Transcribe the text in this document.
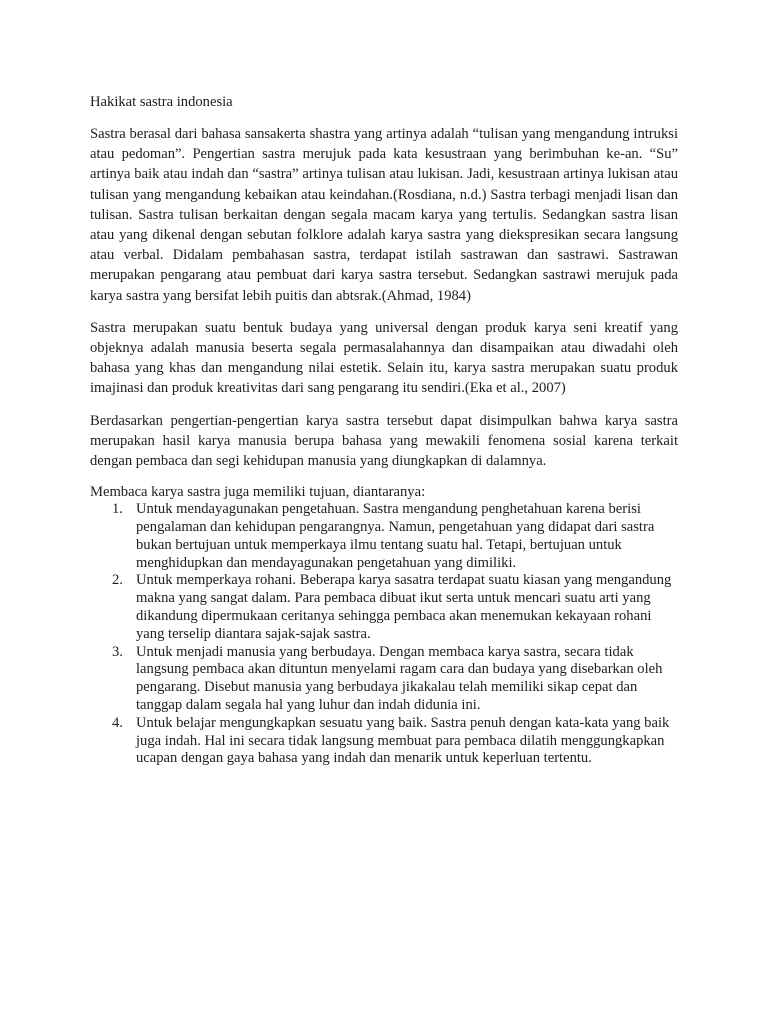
Hakikat sastra indonesia

Sastra berasal dari bahasa sansakerta shastra yang artinya adalah “tulisan yang mengandung intruksi atau pedoman”. Pengertian sastra merujuk pada kata kesustraan yang berimbuhan ke-an. “Su” artinya baik atau indah dan “sastra” artinya tulisan atau lukisan. Jadi, kesustraan artinya lukisan atau tulisan yang mengandung kebaikan atau keindahan.(Rosdiana, n.d.) Sastra terbagi menjadi lisan dan tulisan. Sastra tulisan berkaitan dengan segala macam karya yang tertulis. Sedangkan sastra lisan atau yang dikenal dengan sebutan folklore adalah karya sastra yang diekspresikan secara langsung atau verbal. Didalam pembahasan sastra, terdapat istilah sastrawan dan sastrawi. Sastrawan merupakan pengarang atau pembuat dari karya sastra tersebut. Sedangkan sastrawi merujuk pada karya sastra yang bersifat lebih puitis dan abtsrak.(Ahmad, 1984)

Sastra merupakan suatu bentuk budaya yang universal dengan produk karya seni kreatif yang objeknya adalah manusia beserta segala permasalahannya dan disampaikan atau diwadahi oleh bahasa yang khas dan mengandung nilai estetik. Selain itu, karya sastra merupakan suatu produk imajinasi dan produk kreativitas dari sang pengarang itu sendiri.(Eka et al., 2007)

Berdasarkan pengertian-pengertian karya sastra tersebut dapat disimpulkan bahwa karya sastra merupakan hasil karya manusia berupa bahasa yang mewakili fenomena sosial karena terkait dengan pembaca dan segi kehidupan manusia yang diungkapkan di dalamnya.

Membaca karya sastra juga memiliki tujuan, diantaranya:

1. Untuk mendayagunakan pengetahuan. Sastra mengandung penghetahuan karena berisi pengalaman dan kehidupan pengarangnya. Namun, pengetahuan yang didapat dari sastra bukan bertujuan untuk memperkaya ilmu tentang suatu hal. Tetapi, bertujuan untuk menghidupkan dan mendayagunakan pengetahuan yang dimiliki.
2. Untuk memperkaya rohani. Beberapa karya sasatra terdapat suatu kiasan yang mengandung makna yang sangat dalam. Para pembaca dibuat ikut serta untuk mencari suatu arti yang dikandung dipermukaan ceritanya sehingga pembaca akan menemukan kekayaan rohani yang terselip diantara sajak-sajak sastra.
3. Untuk menjadi manusia yang berbudaya. Dengan membaca karya sastra, secara tidak langsung pembaca akan dituntun menyelami ragam cara dan budaya yang disebarkan oleh pengarang. Disebut manusia yang berbudaya jikakalau telah memiliki sikap cepat dan tanggap dalam segala hal yang luhur dan indah didunia ini.
4. Untuk belajar mengungkapkan sesuatu yang baik. Sastra penuh dengan kata-kata yang baik juga indah. Hal ini secara tidak langsung membuat para pembaca dilatih menggungkapkan ucapan dengan gaya bahasa yang indah dan menarik untuk keperluan tertentu.
